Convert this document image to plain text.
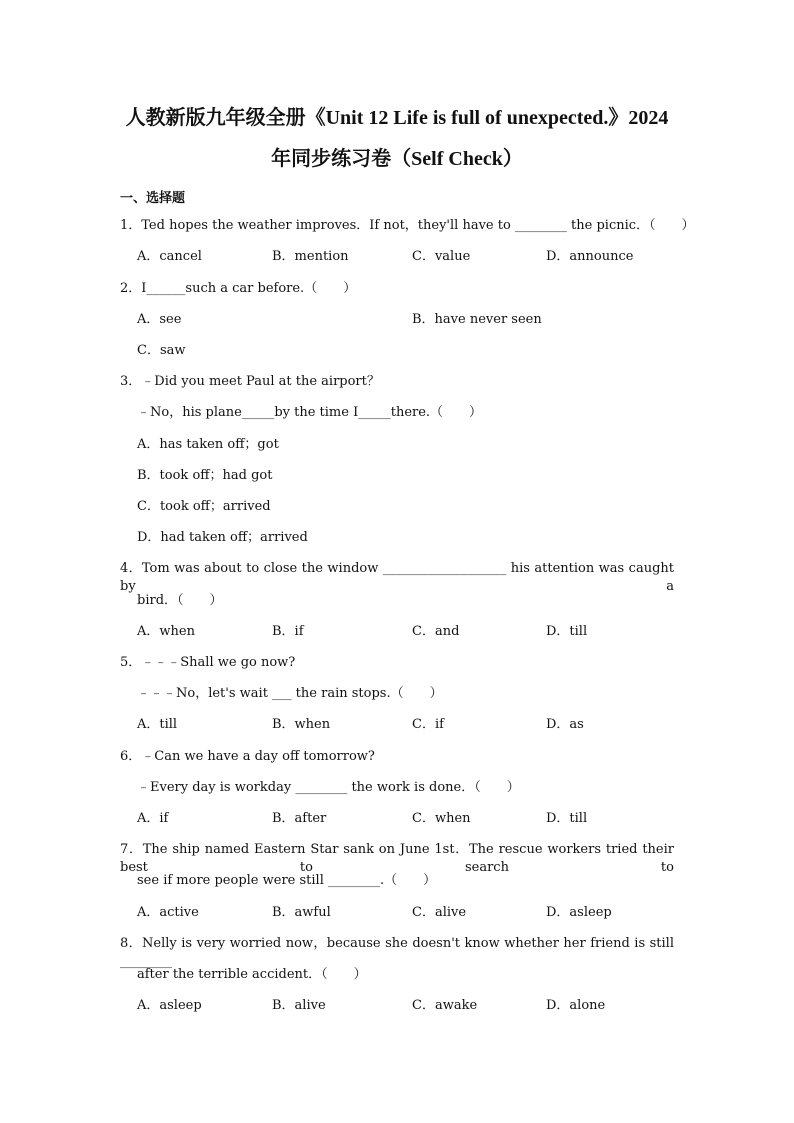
人教新版九年级全册《Unit 12 Life is full of unexpected.》2024
年同步练习卷（Self Check）
一、选择题
1．Ted hopes the weather improves．If not，they'll have to ________ the picnic．（　　）
A．cancel	B．mention	C．value	D．announce
2．I______such a car before.（　　）
A．see	B．have never seen
C．saw
3．﹣Did you meet Paul at the airport？
﹣No，his plane_____by the time I_____there.（　　）
A．has taken off；got
B．took off；had got
C．took off；arrived
D．had taken off；arrived
4．Tom was about to close the window ___________________ his attention was caught by a
bird．（　　）
A．when	B．if	C．and	D．till
5．﹣﹣﹣Shall we go now?
﹣﹣﹣No，let's wait ___ the rain stops.（　　）
A．till	B．when	C．if	D．as
6．﹣Can we have a day off tomorrow?
﹣Every day is workday ________ the work is done．（　　）
A．if	B．after	C．when	D．till
7．The ship named Eastern Star sank on June 1st．The rescue workers tried their best to search to
see if more people were still ________.（　　）
A．active	B．awful	C．alive	D．asleep
8．Nelly is very worried now，because she doesn't know whether her friend is still ________
after the terrible accident．（　　）
A．asleep	B．alive	C．awake	D．alone
